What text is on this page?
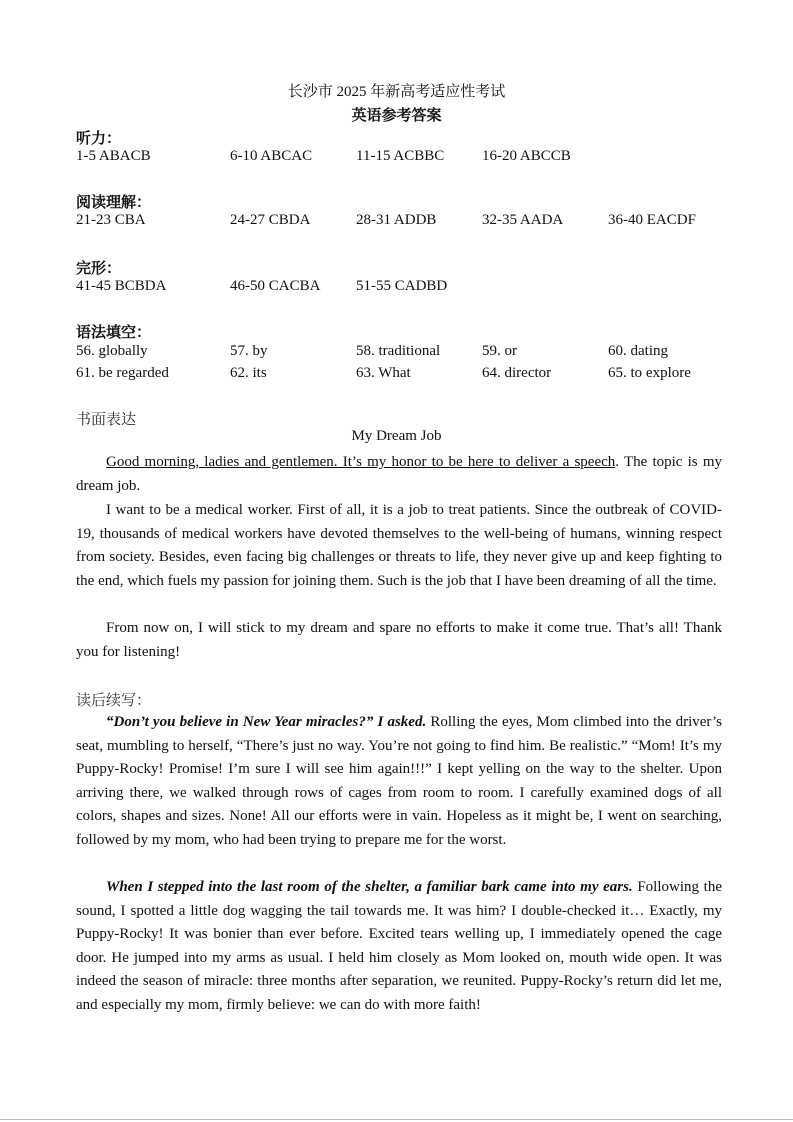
长沙市 2025 年新高考适应性考试
英语参考答案
听力：
1-5 ABACB	6-10 ABCAC	11-15 ACBBC	16-20 ABCCB
阅读理解：
21-23 CBA	24-27 CBDA	28-31 ADDB	32-35 AADA	36-40 EACDF
完形：
41-45 BCBDA	46-50 CACBA 51-55 CADBD
语法填空：
56. globally	57. by	58. traditional	59. or	60. dating
61. be regarded	62. its	63. What	64. director	65. to explore
书面表达
My Dream Job

Good morning, ladies and gentlemen. It’s my honor to be here to deliver a speech. The topic is my dream job.

I want to be a medical worker. First of all, it is a job to treat patients. Since the outbreak of COVID-19, thousands of medical workers have devoted themselves to the well-being of humans, winning respect from society. Besides, even facing big challenges or threats to life, they never give up and keep fighting to the end, which fuels my passion for joining them. Such is the job that I have been dreaming of all the time.

From now on, I will stick to my dream and spare no efforts to make it come true. That’s all! Thank you for listening!

读后续写：

“Don’t you believe in New Year miracles?” I asked. Rolling the eyes, Mom climbed into the driver’s seat, mumbling to herself, “There’s just no way. You’re not going to find him. Be realistic.” “Mom! It’s my Puppy-Rocky! Promise! I’m sure I will see him again!!!” I kept yelling on the way to the shelter. Upon arriving there, we walked through rows of cages from room to room. I carefully examined dogs of all colors, shapes and sizes. None! All our efforts were in vain. Hopeless as it might be, I went on searching, followed by my mom, who had been trying to prepare me for the worst.

When I stepped into the last room of the shelter, a familiar bark came into my ears. Following the sound, I spotted a little dog wagging the tail towards me. It was him? I double-checked it… Exactly, my Puppy-Rocky! It was bonier than ever before. Excited tears welling up, I immediately opened the cage door. He jumped into my arms as usual. I held him closely as Mom looked on, mouth wide open. It was indeed the season of miracle: three months after separation, we reunited. Puppy-Rocky’s return did let me, and especially my mom, firmly believe: we can do with more faith!
